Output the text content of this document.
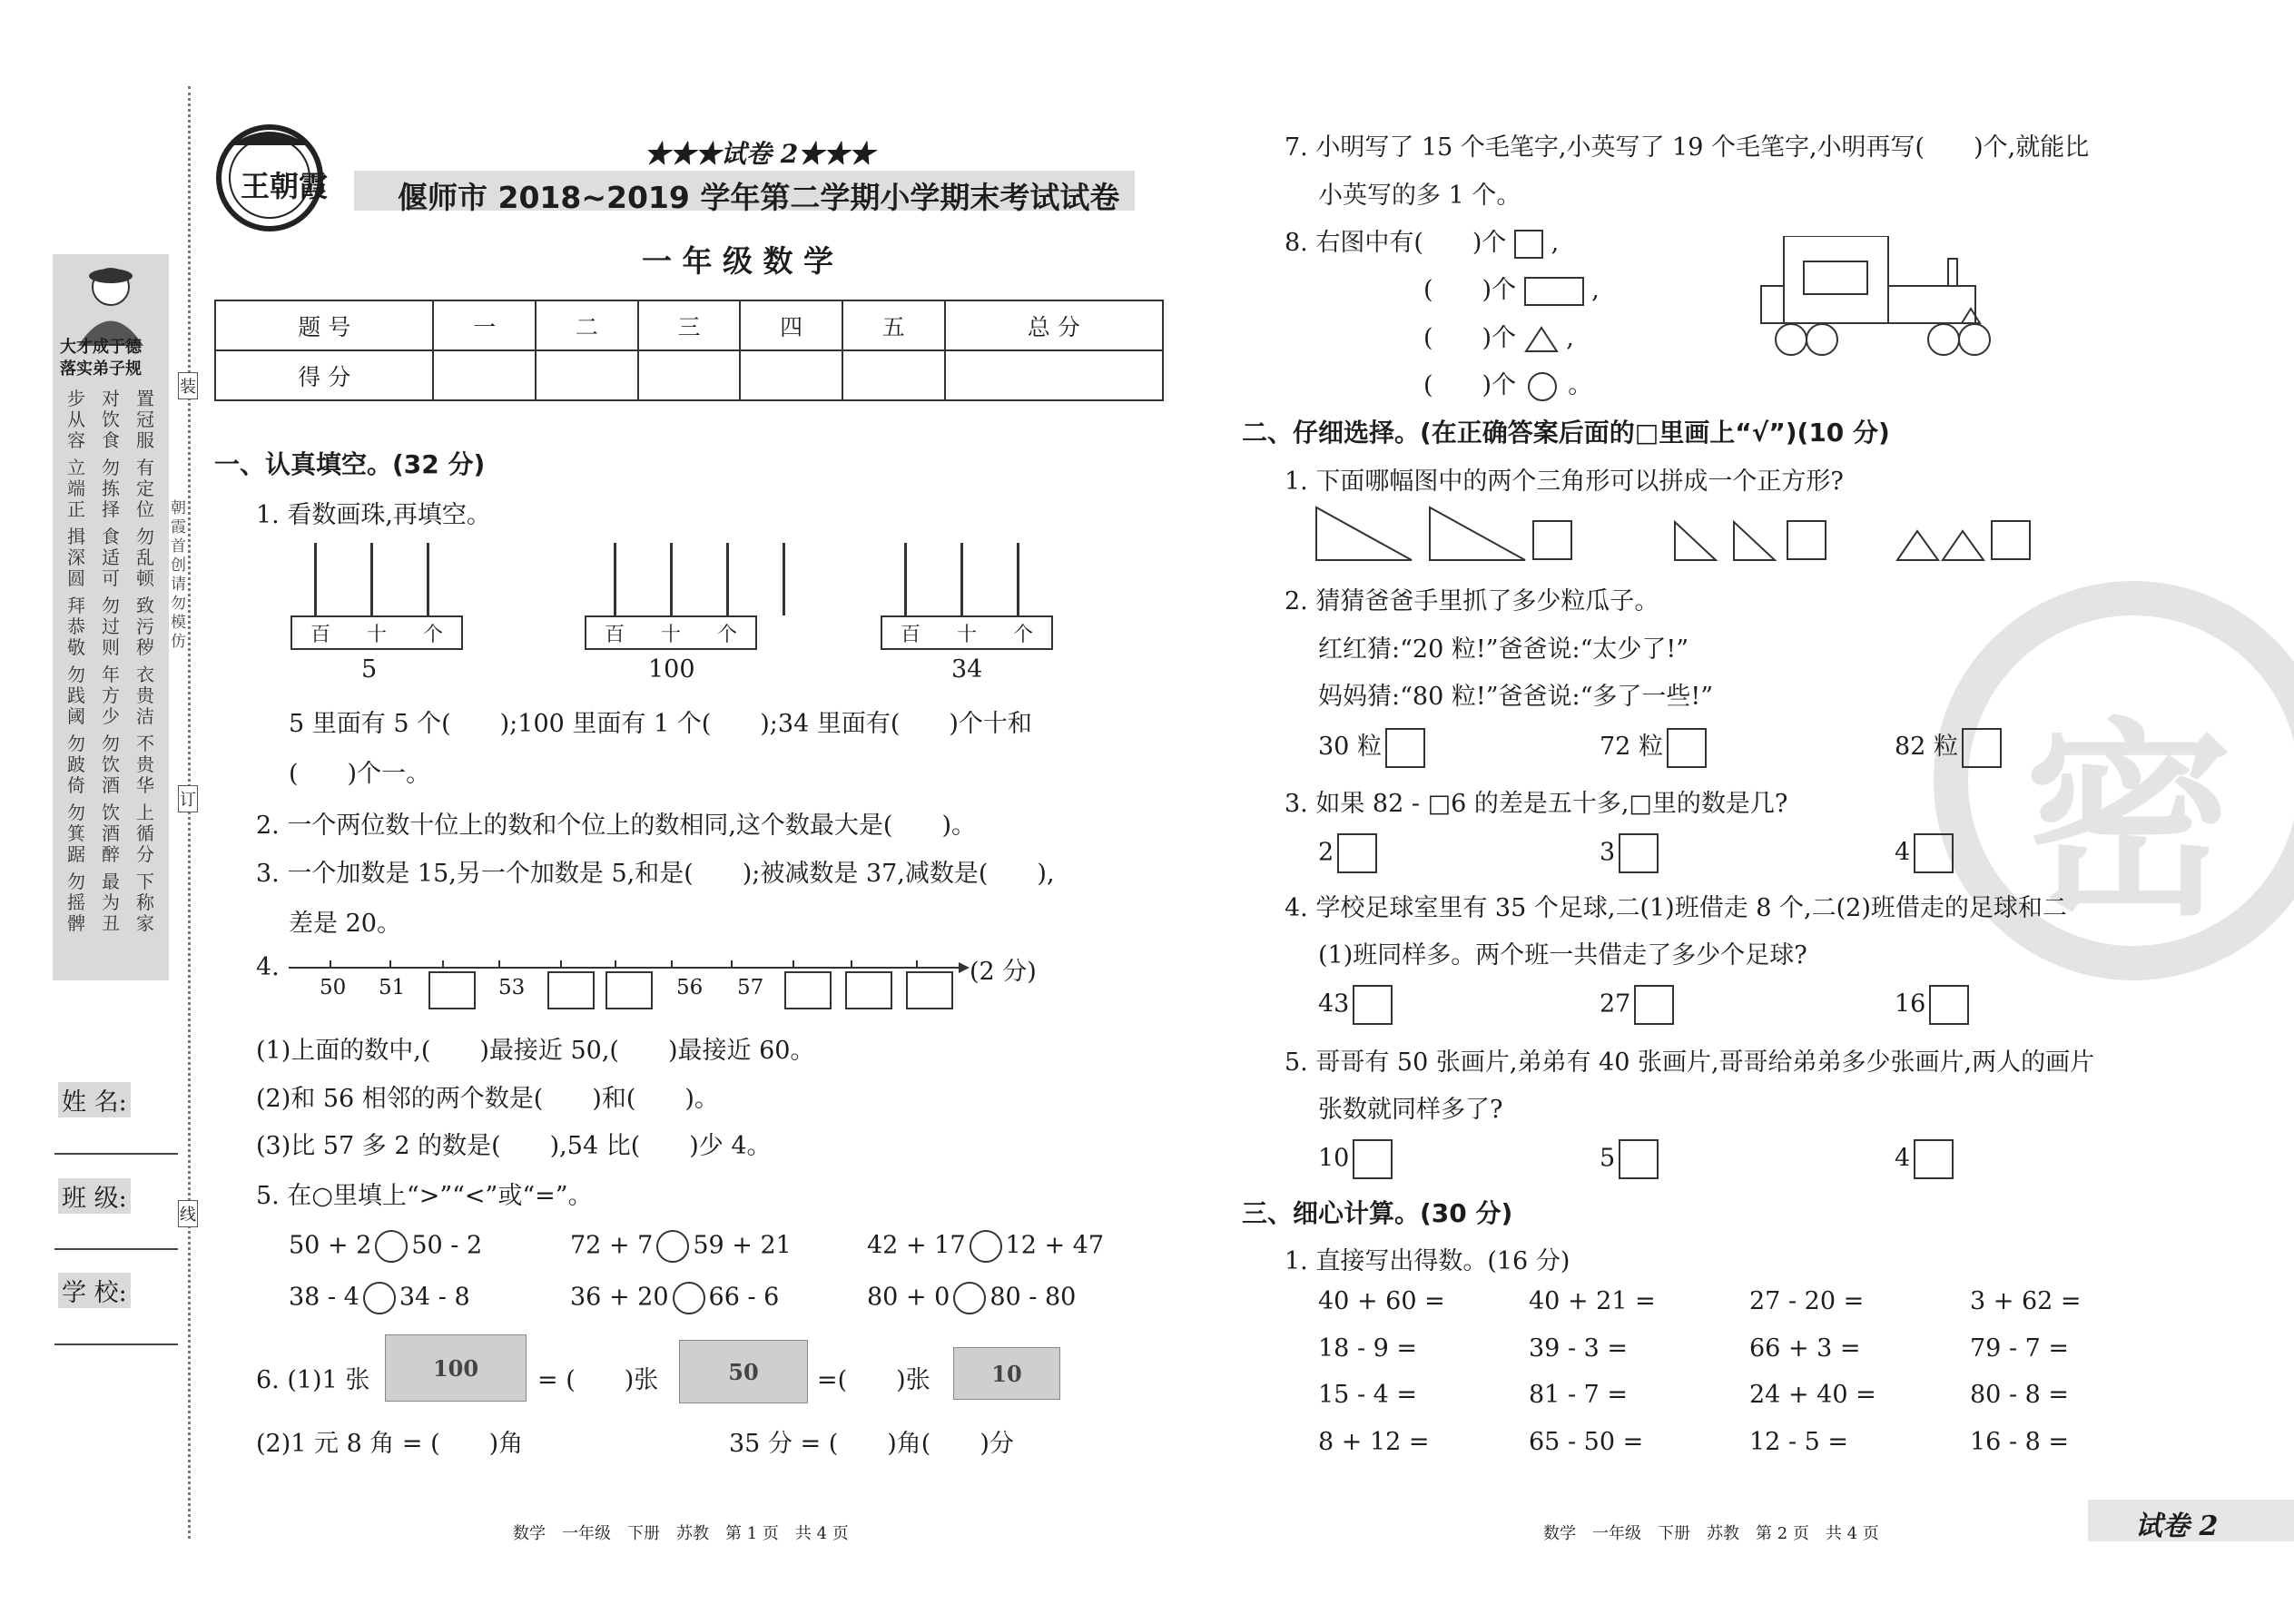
密
大才成于德
落实弟子规
步从容
对饮食
置冠服
立端正
勿拣择
有定位
揖深圆
食适可
勿乱顿
拜恭敬
勿过则
致污秽
勿践阈
年方少
衣贵洁
勿跛倚
勿饮酒
不贵华
勿箕踞
饮酒醉
上循分
勿摇髀
最为丑
下称家
朝霞首创 请勿模仿
装
订
线
姓 名:
班 级:
学 校:
王朝霞
★★★试卷 2★★★
偃师市 2018~2019 学年第二学期小学期末考试试卷
一 年 级 数 学
题 号	一	二	三	四	五	总 分
得 分						
一、认真填空。(32 分)
1. 看数画珠,再填空。
百 十 个
5
百 十 个
100
百 十 个
34
5 里面有 5 个(　　);100 里面有 1 个(　　);34 里面有(　　)个十和
(　　)个一。
2. 一个两位数十位上的数和个位上的数相同,这个数最大是(　　)。
3. 一个加数是 15,另一个加数是 5,和是(　　);被减数是 37,减数是(　　),
差是 20。
4.	(2 分)
50 51	53	56 57
(1)上面的数中,(　　)最接近 50,(　　)最接近 60。
(2)和 56 相邻的两个数是(　　)和(　　)。
(3)比 57 多 2 的数是(　　),54 比(　　)少 4。
5. 在○里填上“>”“<”或“=”。
50 + 2 50 - 2	72 + 7 59 + 21	42 + 17 12 + 47
38 - 4 34 - 8	36 + 20 66 - 6	80 + 0 80 - 80
6. (1)1 张	100 = (　　)张	50 =(　　)张	10
(2)1 元 8 角 = (　　)角	35 分 = (　　)角(　　)分
数学　一年级　下册　苏教　第 1 页　共 4 页
7. 小明写了 15 个毛笔字,小英写了 19 个毛笔字,小明再写(　　)个,就能比
小英写的多 1 个。
8. 右图中有(　　)个 ,
(　　)个	,
(　　)个 ,
(　　)个 。
二、仔细选择。(在正确答案后面的□里画上“√”)(10 分)
1. 下面哪幅图中的两个三角形可以拼成一个正方形?
2. 猜猜爸爸手里抓了多少粒瓜子。
红红猜:“20 粒!”爸爸说:“太少了!”
妈妈猜:“80 粒!”爸爸说:“多了一些!”
30 粒	72 粒	82 粒
2	3	4
43	27	16
10	5	4
3. 如果 82 - □6 的差是五十多,□里的数是几?
4. 学校足球室里有 35 个足球,二(1)班借走 8 个,二(2)班借走的足球和二
(1)班同样多。两个班一共借走了多少个足球?
5. 哥哥有 50 张画片,弟弟有 40 张画片,哥哥给弟弟多少张画片,两人的画片
张数就同样多了?
三、细心计算。(30 分)
1. 直接写出得数。(16 分)
40 + 60 =	40 + 21 =	27 - 20 =	3 + 62 =
18 - 9 =	39 - 3 =	66 + 3 =	79 - 7 =
15 - 4 =	81 - 7 =	24 + 40 =	80 - 8 =
8 + 12 =	65 - 50 =	12 - 5 =	16 - 8 =
数学　一年级　下册　苏教　第 2 页　共 4 页	试卷 2
